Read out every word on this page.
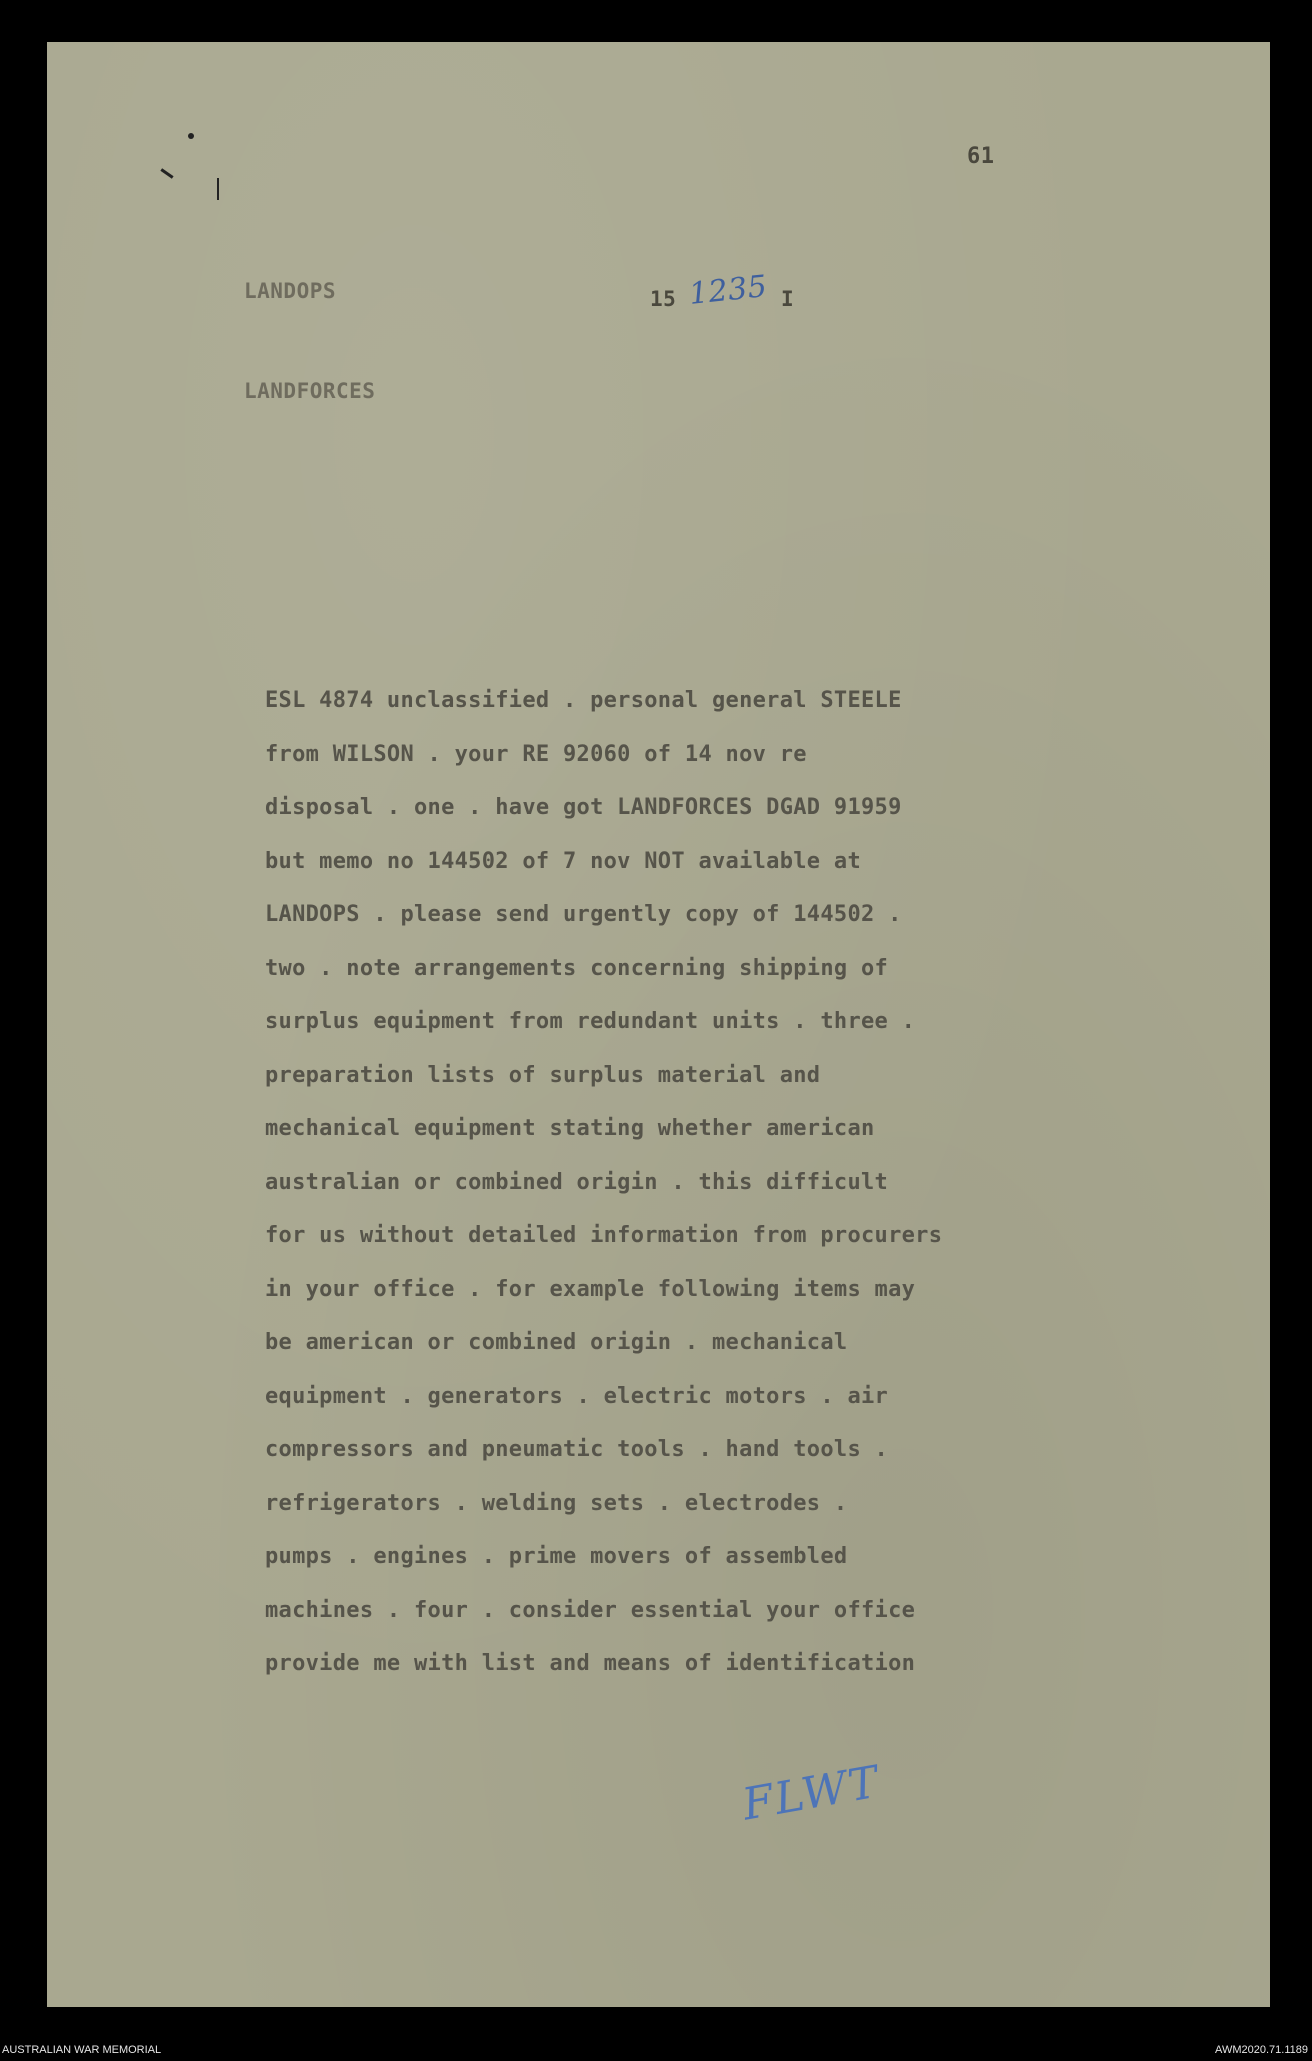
61
LANDOPS	15 1235 I
LANDFORCES
ESL 4874 unclassified . personal general STEELE
from WILSON . your RE 92060 of 14 nov re
disposal . one . have got LANDFORCES DGAD 91959
but memo no 144502 of 7 nov NOT available at
LANDOPS . please send urgently copy of 144502 .
two . note arrangements concerning shipping of
surplus equipment from redundant units . three .
preparation lists of surplus material and
mechanical equipment stating whether american
australian or combined origin . this difficult
for us without detailed information from procurers
in your office . for example following items may
be american or combined origin . mechanical
equipment . generators . electric motors . air
compressors and pneumatic tools . hand tools .
refrigerators . welding sets . electrodes .
pumps . engines . prime movers of assembled
machines . four . consider essential your office
provide me with list and means of identification
FLWT
AUSTRALIAN WAR MEMORIAL	AWM2020.71.1189
